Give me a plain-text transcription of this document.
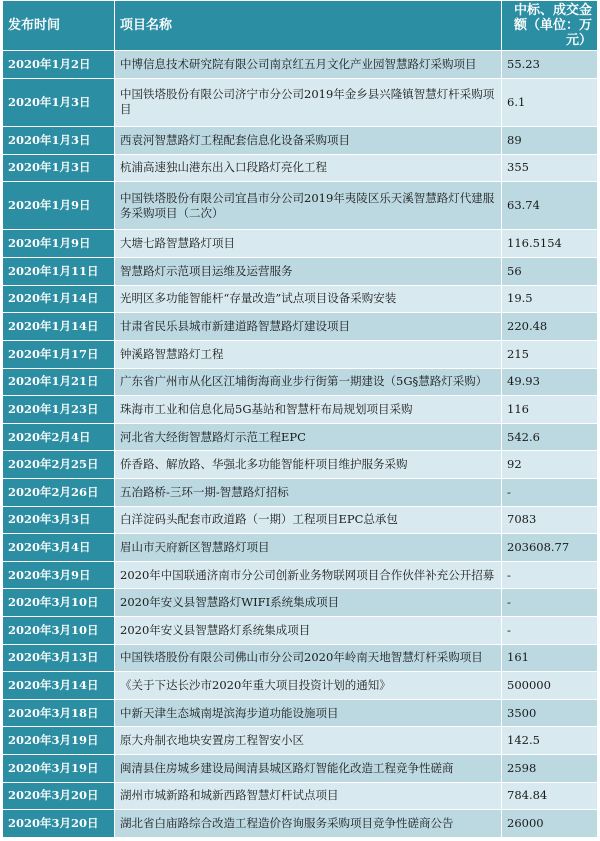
发布时间	项目名称	中标、成交金额（单位：万元）
2020年1月2日	中博信息技术研究院有限公司南京红五月文化产业园智慧路灯采购项目	55.23
2020年1月3日	中国铁塔股份有限公司济宁市分公司2019年金乡县兴隆镇智慧灯杆采购项目	6.1
2020年1月3日	西袁河智慧路灯工程配套信息化设备采购项目	89
2020年1月3日	杭浦高速独山港东出入口段路灯亮化工程	355
2020年1月9日	中国铁塔股份有限公司宜昌市分公司2019年夷陵区乐天溪智慧路灯代建服务采购项目（二次）	63.74
2020年1月9日	大塘七路智慧路灯项目	116.5154
2020年1月11日	智慧路灯示范项目运维及运营服务	56
2020年1月14日	光明区多功能智能杆“存量改造”试点项目设备采购安装	19.5
2020年1月14日	甘肃省民乐县城市新建道路智慧路灯建设项目	220.48
2020年1月17日	钟溪路智慧路灯工程	215
2020年1月21日	广东省广州市从化区江埔街海商业步行街第一期建设（5G§慧路灯采购）	49.93
2020年1月23日	珠海市工业和信息化局5G基站和智慧杆布局规划项目采购	116
2020年2月4日	河北省大经街智慧路灯示范工程EPC	542.6
2020年2月25日	侨香路、解放路、华强北多功能智能杆项目维护服务采购	92
2020年2月26日	五冶路桥-三环一期-智慧路灯招标	-
2020年3月3日	白洋淀码头配套市政道路（一期）工程项目EPC总承包	7083
2020年3月4日	眉山市天府新区智慧路灯项目	203608.77
2020年3月9日	2020年中国联通济南市分公司创新业务物联网项目合作伙伴补充公开招募	-
2020年3月10日	2020年安义县智慧路灯WIFI系统集成项目	-
2020年3月10日	2020年安义县智慧路灯系统集成项目	-
2020年3月13日	中国铁塔股份有限公司佛山市分公司2020年岭南天地智慧灯杆采购项目	161
2020年3月14日	《关于下达长沙市2020年重大项目投资计划的通知》	500000
2020年3月18日	中新天津生态城南堤滨海步道功能设施项目	3500
2020年3月19日	原大舟制衣地块安置房工程智安小区	142.5
2020年3月19日	闽清县住房城乡建设局闽清县城区路灯智能化改造工程竞争性磋商	2598
2020年3月20日	湖州市城新路和城新西路智慧灯杆试点项目	784.84
2020年3月20日	湖北省白庙路综合改造工程造价咨询服务采购项目竞争性磋商公告	26000
